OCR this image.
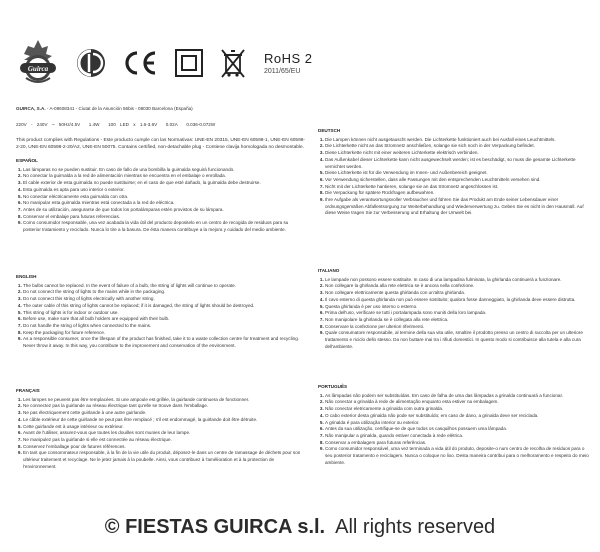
Guirca
RoHS 2
2011/65/EU
GUIRCA, S.A. - A-08608341 - Ciutat de la Asunción 56bis - 08030 Barcelona (España)
220V - 240V ~ 50Hz/4.5V 1.4W 100 LED x 1.6-3.6V 0.02A 0.036-0.072W
This product complies with Regulations - Este producto cumple con las Normativas: UNE-EN 20315, UNE-EN 60598-1, UNE-EN 60598-2-20, UNE-EN 60598-2-20/A2, UNE-EN 50075. Contains certified, non-detachable plug - Contiene clavija homologada no desmontable.
ESPAÑOL
1. Las lámparas no se pueden sustituir. En caso de fallo de una bombilla la guirnalda seguirá funcionando.
2. No conectar la guirnalda a la red de alimentación mientras se encuentra en el embalaje o enrollada.
3. El cable exterior de esta guirnalda no puede sustituirse; en el caso de que esté dañado, la guirnalda debe destruirse.
4. Esta guirnalda es apta para uso interior o exterior.
5. No conectar eléctricamente esta guirnalda con otra.
6. No manipular esta guirnalda mientras está conectada a la red de eléctrica.
7. Antes de su utilización, asegurarse de que todos los portalámparas estén provistos de su lámpara.
8. Conservar el embalaje para futuras referencias.
9. Como consumidor responsable, una vez acabada la vida útil del producto depositelo en un centro de recogida de residuos para su posterior tratamiento y reciclado. Nunca lo tire a la basura. De ésta manera contribuye a la mejora y cuidado del medio ambiente.
ENGLISH
1. The bulbs cannot be replaced. In the event of failure of a bulb, the string of lights will continue to operate.
2. Do not connect the string of lights to the mains while in the packaging.
3. Do not connect this string of lights electrically with another string.
4. The outer cable of this string of lights cannot be replaced; if it is damaged, the string of lights should be destroyed.
5. This string of lights is for indoor or outdoor use.
6. Before use, make sure that all bulb holders are equipped with their bulb.
7. Do not handle the string of lights when connected to the mains.
8. Keep the packaging for future reference.
9. As a responsible consumer, once the lifespan of the product has finished, take it to a waste collection centre for treatment and recycling. Never throw it away. In this way, you contribute to the improvement and conservation of the environment.
FRANÇAIS
1. Les lampes ne peuvent pas être remplacées. Si une ampoule est grillée, la guirlande continuera de fonctionner.
2. Ne connectez pas la guirlande au réseau électrique tant qu'elle se trouve dans l'emballage.
3. Ne pas électriquement cette guirlande à une autre guirlande.
4. Le câble extérieur de cette guirlande ne peut pas être remplacé ; s'il est endommagé, la guirlande doit être détruite.
5. Cette guirlande est à usage intérieur ou extérieur.
6. Avant de l'utiliser, assurez-vous que toutes les douilles sont munies de leur lampe.
7. Ne manipulez pas la guirlande si elle est connectée au réseau électrique.
8. Conservez l'emballage pour de futures références.
9. En tant que consommateur responsable, à la fin de la vie utile du produit, déposez-le dans un centre de ramassage de déchets pour son ultérieur traitement et recyclage. Ne le jetez jamais à la poubelle. Ainsi, vous contribuez à l'amélioration et à la protection de l'environnement.
DEUTSCH
1. Die Lampen können nicht ausgetauscht werden. Die Lichterkette funktioniert auch bei Ausfall eines Leuchtmittels.
2. Die Lichterkette nicht an das Stromnetz anschließen, solange sie sich noch in der Verpackung befindet.
3. Diese Lichterkette nicht mit einer weiteren Lichterkette elektrisch verbinden.
4. Das Außenkabel dieser Lichterkette kann nicht ausgewechselt werden; ist es beschädigt, so muss die gesamte Lichterkette vernichtet werden.
5. Diese Lichterkette ist für die Verwendung im Innen- und Außenbereich geeignet.
6. Vor Verwendung sicherstellen, dass alle Fassungen mit den entsprechenden Leuchtmitteln versehen sind.
7. Nicht mit der Lichterkette hantieren, solange sie an das Stromnetz angeschlossen ist.
8. Die Verpackung für spätere Rückfragen aufbewahren.
9. Ihre Aufgabe als verantwortungsvoller Verbraucher und führen Sie das Produkt am Ende seiner Lebensdauer einer ordnungsgemäßen Abfallentsorgung zur Weiterbehandlung und Wiederverwertung zu. Geben Sie es nicht in den Hausmüll. Auf diese Weise tragen Sie zur Verbesserung und Erhaltung der Umwelt bei.
ITALIANO
1. Le lampade non possono essere sostituite. In caso di una lampadina fulminata, la ghirlanda continuerà a funzionare.
2. Non collegare la ghirlanda alla rete elettrica se è ancora nella confezione.
3. Non collegare elettricamente questa ghirlanda con un'altra ghirlanda.
4. Il cavo esterno di questa ghirlanda non può essere sostituito; qualora fosse danneggiato, la ghirlanda deve essere distrutta.
5. Questa ghirlanda è per uso interno o esterno.
6. Prima dell'uso, verificare se tutti i portalampada sono muniti della loro lampada.
7. Non manipolare la ghirlanda se è collegata alla rete elettrica.
8. Conservare la confezione per ulteriori riferimenti.
9. Quale consumatore responsabile, al termine della sua vita utile, smaltire il prodotto presso un centro di raccolta per un ulteriore trattamento e riciclo dello stesso. Da non buttare mai tra i rifiuti domestici. In questo modo si contribuisce alla tutela e alla cura dell'ambiente.
PORTUGUÊS
1. As lâmpadas não podem ser substituídas. Em caso de falha de uma das lâmpadas a grinalda continuará a funcionar.
2. Não conectar a grinalda à rede de alimentação enquanto esta estiver na embalagem.
3. Não conectar eletricamente a grinalda com outra grinalda.
4. O cabo exterior desta grinalda não pode ser substituído; em caso de dano, a grinalda deve ser reciclada.
5. A grinalda é para utilização interior ou exterior.
6. Antes da sua utilização, certifique-se de que todos os casquilhos possuem uma lâmpada.
7. Não manipular a grinalda, quando estiver conectada à rede elétrica.
8. Conservar a embalagem para futuras referências.
9. Como consumidor responsável, uma vez terminada a vida útil do produto, deposite-o num centro de recolha de resíduos para o seu posterior tratamento e reciclagem. Nunca o coloque no lixo. Desta maneira contribui para o melhoramento e respeito do meio ambiente.
© FIESTAS GUIRCA s.l. All rights reserved
